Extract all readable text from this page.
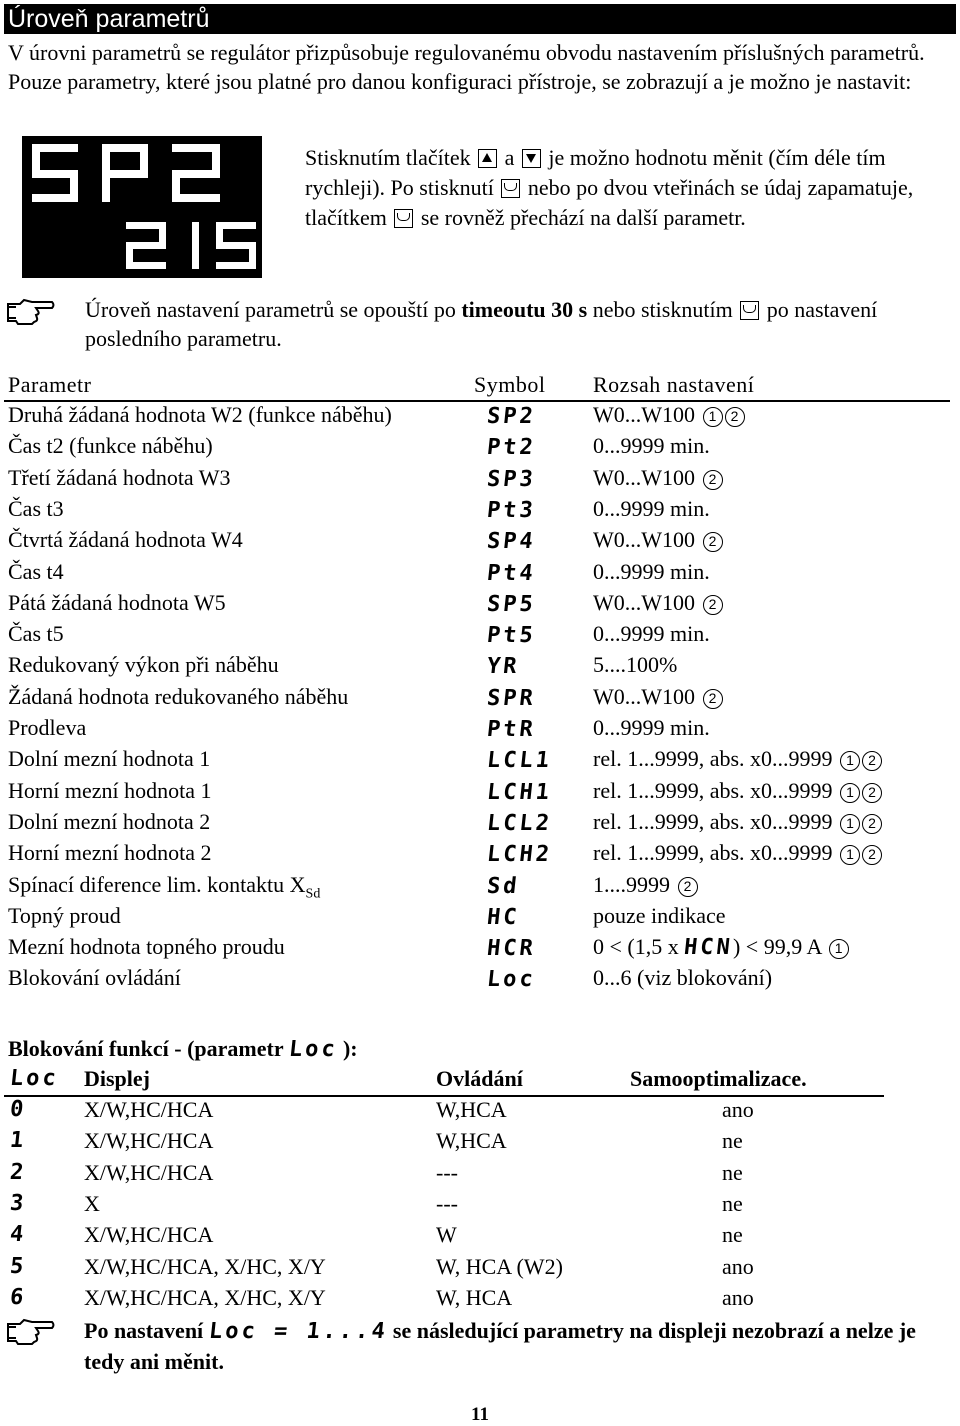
Úroveň parametrů
V úrovni parametrů se regulátor přizpůsobuje regulovanému obvodu nastavením příslušných parametrů. Pouze parametry, které jsou platné pro danou konfiguraci přístroje, se zobrazují a je možno je nastavit:
Stisknutím tlačítek a je možno hodnotu měnit (čím déle tím rychleji). Po stisknutí nebo po dvou vteřinách se údaj zapamatuje, tlačítkem se rovněž přechází na další parametr.
Úroveň nastavení parametrů se opouští po timeoutu 30 s nebo stisknutím po nastavení posledního parametru.
Parametr	Symbol Rozsah nastavení
Druhá žádaná hodnota W2 (funkce náběhu)	SP2	W0...W100 1 2
Čas t2 (funkce náběhu)	Pt2	0...9999 min.
Třetí žádaná hodnota W3	SP3	W0...W100 2
Čas t3	Pt3	0...9999 min.
Čtvrtá žádaná hodnota W4	SP4	W0...W100 2
Čas t4	Pt4	0...9999 min.
Pátá žádaná hodnota W5	SP5	W0...W100 2
Čas t5	Pt5	0...9999 min.
Redukovaný výkon při náběhu	YR	5....100%
Žádaná hodnota redukovaného náběhu	SPR	W0...W100 2
Prodleva	PtR	0...9999 min.
Dolní mezní hodnota 1	LCL1 rel. 1...9999, abs. x0...9999 1 2
Horní mezní hodnota 1	LCH1 rel. 1...9999, abs. x0...9999 1 2
Dolní mezní hodnota 2	LCL2 rel. 1...9999, abs. x0...9999 1 2
Horní mezní hodnota 2	LCH2 rel. 1...9999, abs. x0...9999 1 2
Spínací diference lim. kontaktu $X_{Sd}$	Sd	1....9999 2
Topný proud	HC	pouze indikace
Mezní hodnota topného proudu	HCR	0 < (1,5 x HCN) < 99,9 A 1
Blokování ovládání	Loc	0...6 (viz blokování)
Blokování funkcí - (parametr Loc ):
Loc Displej	Ovládání	Samooptimalizace.
0	X/W,HC/HCA	W,HCA	ano
1	X/W,HC/HCA	W,HCA	ne
2	X/W,HC/HCA	---	ne
3	X	---	ne
4	X/W,HC/HCA	W	ne
5	X/W,HC/HCA, X/HC, X/Y	W, HCA (W2)	ano
6	X/W,HC/HCA, X/HC, X/Y	W, HCA	ano
Po nastavení Loc = 1...4 se následující parametry na displeji nezobrazí a nelze je tedy ani měnit.
11
